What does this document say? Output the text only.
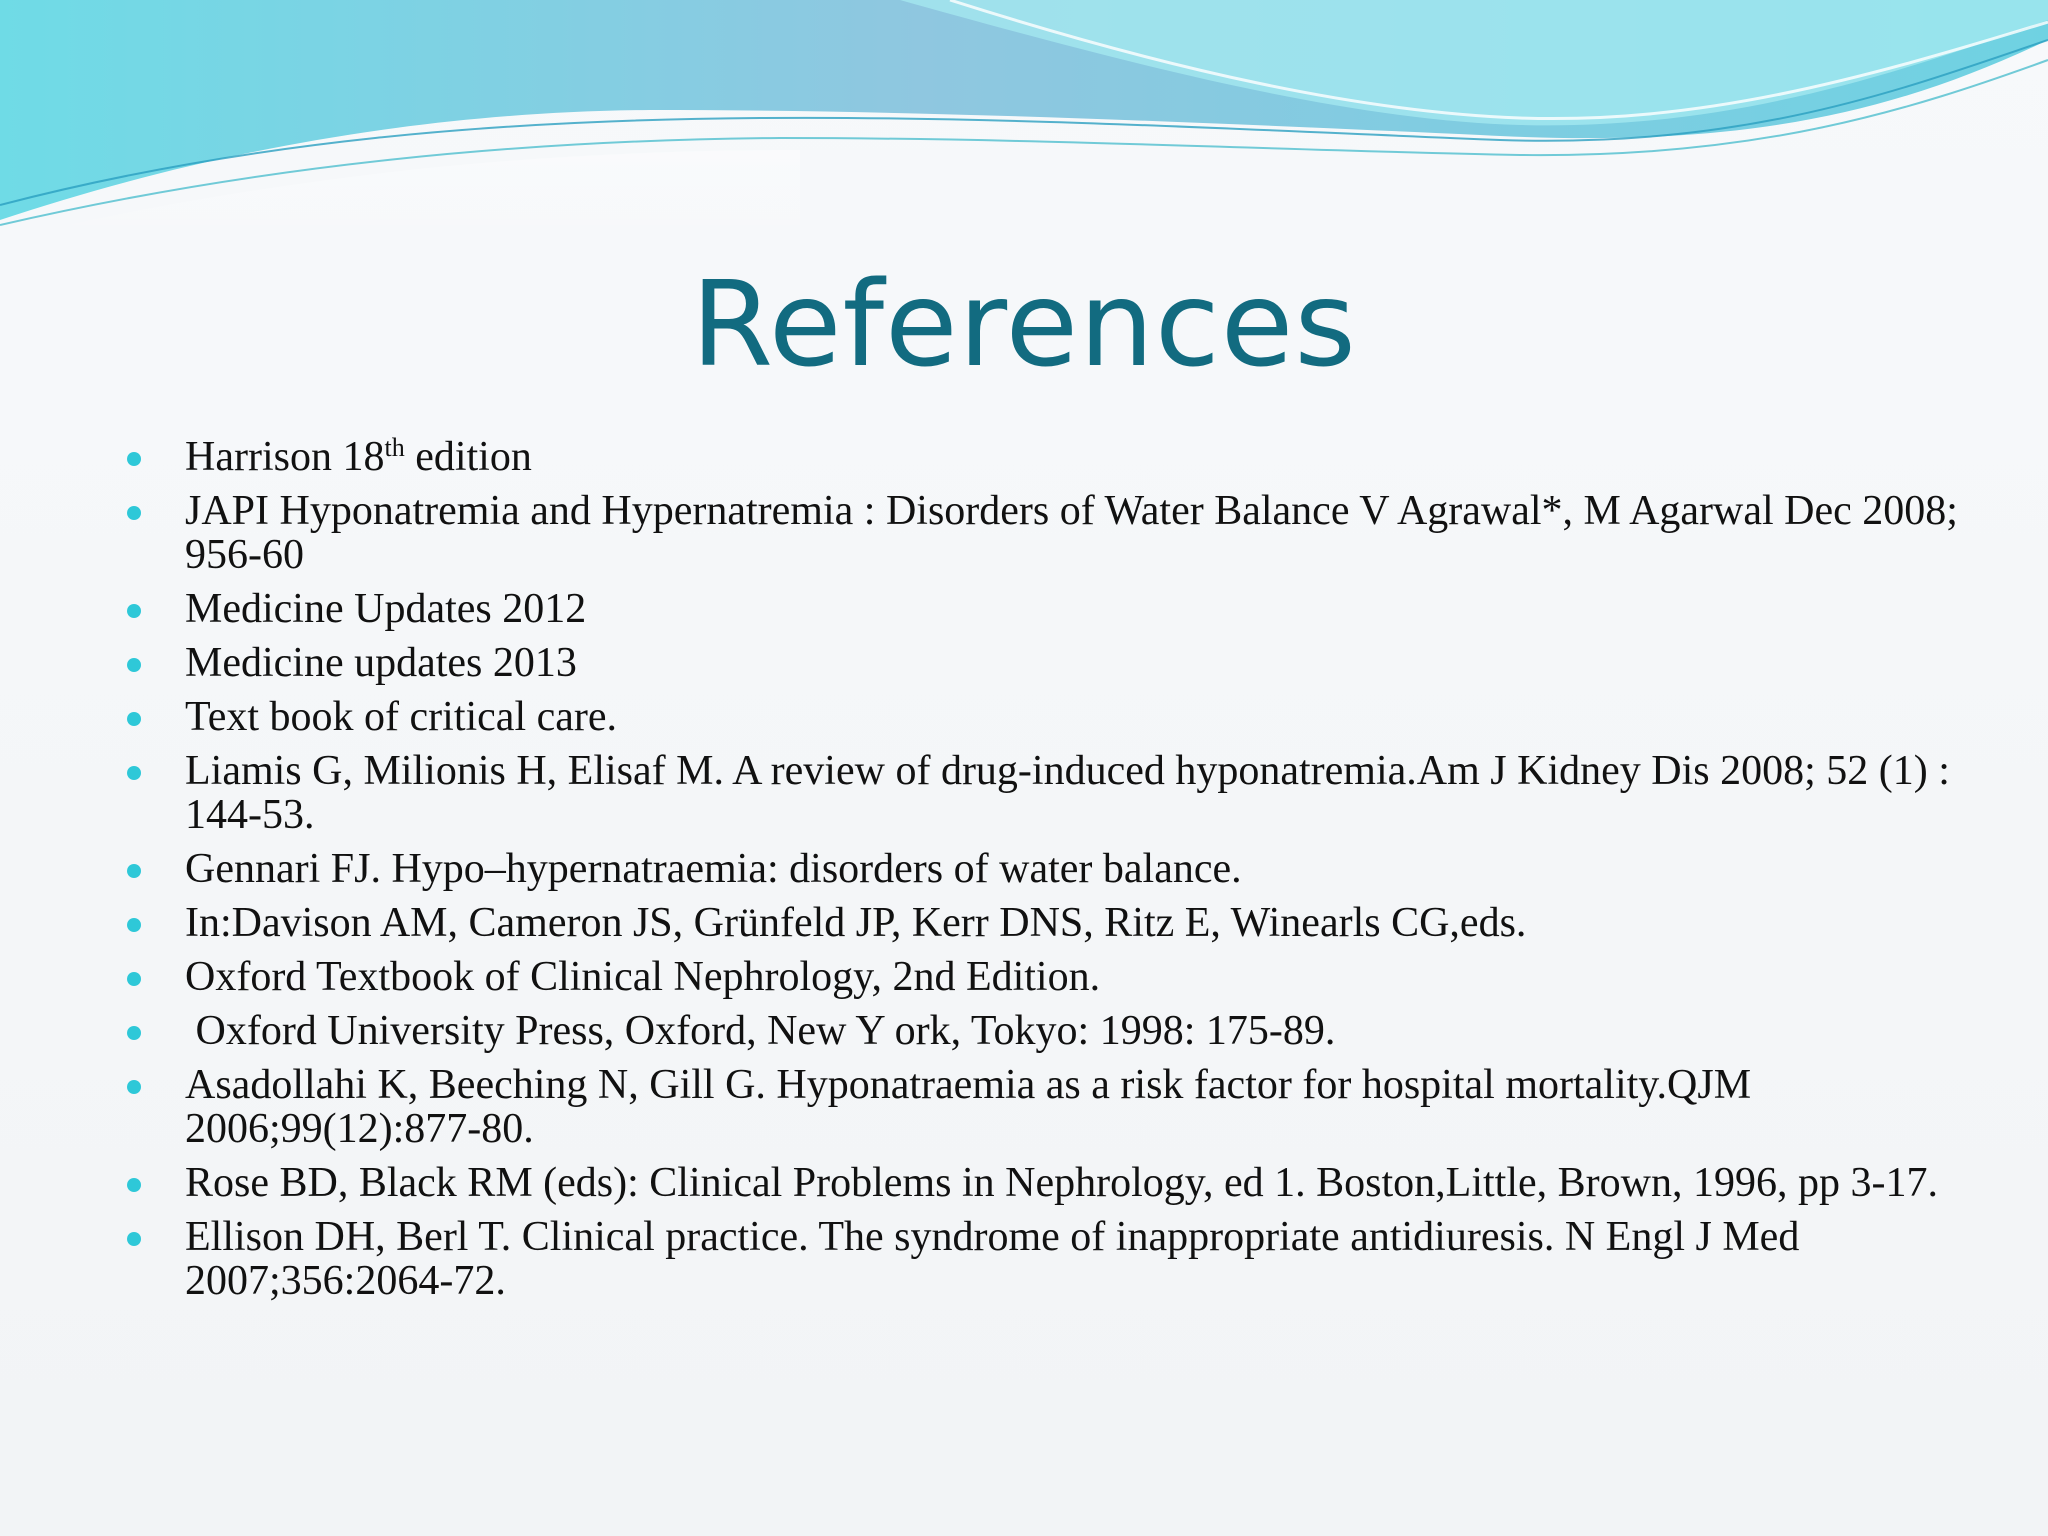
References
Harrison 18th edition
JAPI Hyponatremia and Hypernatremia : Disorders of Water Balance V Agrawal*, M Agarwal Dec 2008; 956-60
Medicine Updates 2012
Medicine updates 2013
Text book of critical care.
Liamis G, Milionis H, Elisaf M. A review of drug-induced hyponatremia.Am J Kidney Dis 2008; 52 (1) : 144-53.
Gennari FJ. Hypo–hypernatraemia: disorders of water balance.
In:Davison AM, Cameron JS, Grünfeld JP, Kerr DNS, Ritz E, Winearls CG,eds.
Oxford Textbook of Clinical Nephrology, 2nd Edition.
Oxford University Press, Oxford, New Y ork, Tokyo: 1998: 175-89.
Asadollahi K, Beeching N, Gill G. Hyponatraemia as a risk factor for hospital mortality.QJM 2006;99(12):877-80.
Rose BD, Black RM (eds): Clinical Problems in Nephrology, ed 1. Boston,Little, Brown, 1996, pp 3-17.
Ellison DH, Berl T. Clinical practice. The syndrome of inappropriate antidiuresis. N Engl J Med 2007;356:2064-72.
